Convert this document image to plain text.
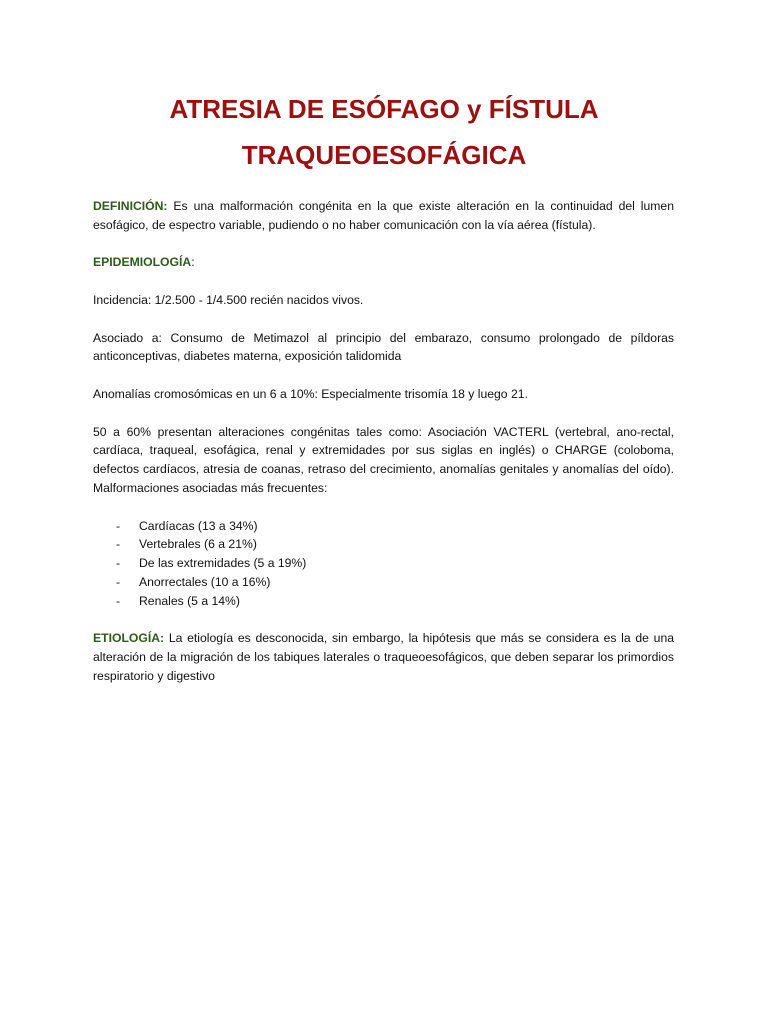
ATRESIA DE ESÓFAGO y FÍSTULA
TRAQUEOESOFÁGICA

DEFINICIÓN: Es una malformación congénita en la que existe alteración en la continuidad del lumen esofágico, de espectro variable, pudiendo o no haber comunicación con la vía aérea (fístula).

EPIDEMIOLOGÍA:

Incidencia: 1/2.500 - 1/4.500 recién nacidos vivos.

Asociado a: Consumo de Metimazol al principio del embarazo, consumo prolongado de píldoras anticonceptivas, diabetes materna, exposición talidomida

Anomalías cromosómicas en un 6 a 10%: Especialmente trisomía 18 y luego 21.

50 a 60% presentan alteraciones congénitas tales como: Asociación VACTERL (vertebral, ano-rectal, cardíaca, traqueal, esofágica, renal y extremidades por sus siglas en inglés) o CHARGE (coloboma, defectos cardíacos, atresia de coanas, retraso del crecimiento, anomalías genitales y anomalías del oído). Malformaciones asociadas más frecuentes:

- Cardíacas (13 a 34%)
- Vertebrales (6 a 21%)
- De las extremidades (5 a 19%)
- Anorrectales (10 a 16%)
- Renales (5 a 14%)

ETIOLOGÍA: La etiología es desconocida, sin embargo, la hipótesis que más se considera es la de una alteración de la migración de los tabiques laterales o traqueoesofágicos, que deben separar los primordios respiratorio y digestivo
